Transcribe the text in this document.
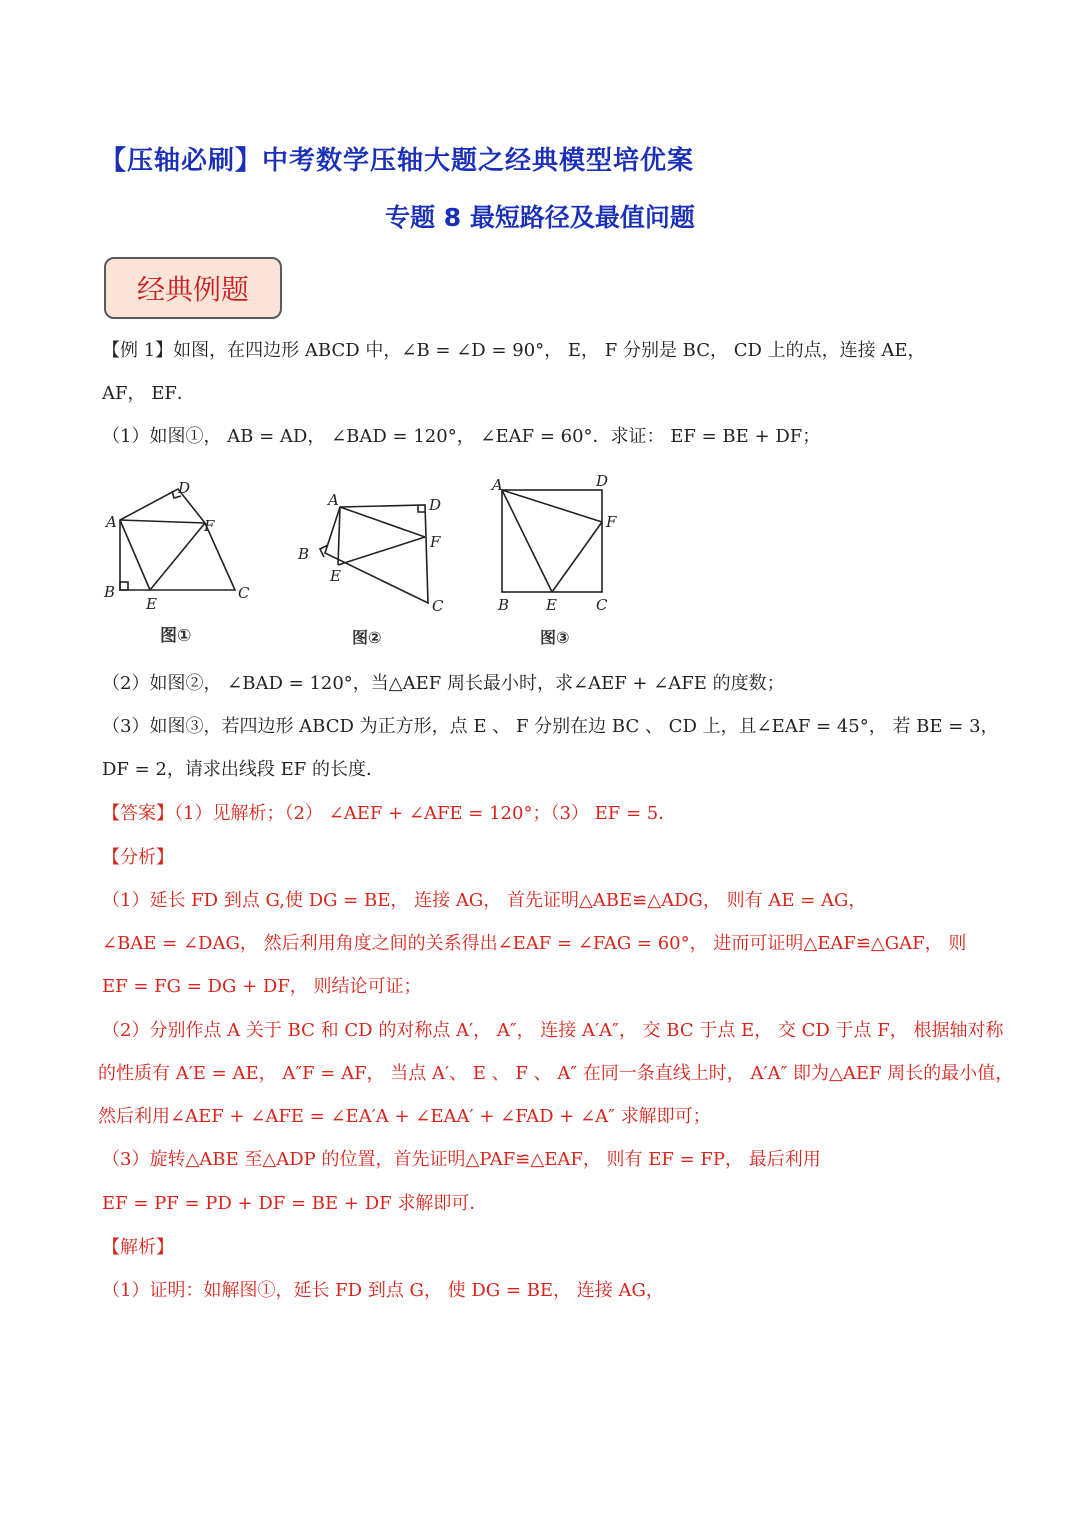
【压轴必刷】中考数学压轴大题之经典模型培优案
专题 8 最短路径及最值问题
经典例题
【例 1】如图，在四边形 ABCD 中，∠B = ∠D = 90°， E， F 分别是 BC， CD 上的点，连接 AE，
AF， EF．
（1）如图①， AB = AD， ∠BAD = 120°， ∠EAF = 60°．求证： EF = BE + DF；
A
B	C
D
E
F
图①
A
B
C
D
E
F
图②
A
B	C
D
E
F
图③
（2）如图②， ∠BAD = 120°，当△AEF 周长最小时，求∠AEF + ∠AFE 的度数；
（3）如图③，若四边形 ABCD 为正方形，点 E 、 F 分别在边 BC 、 CD 上，且∠EAF = 45°， 若 BE = 3，
DF = 2，请求出线段 EF 的长度．
【答案】（1）见解析；（2） ∠AEF + ∠AFE = 120°；（3） EF = 5．
【分析】
（1）延长 FD 到点 G,使 DG = BE， 连接 AG， 首先证明△ABE≌△ADG， 则有 AE = AG，
∠BAE = ∠DAG， 然后利用角度之间的关系得出∠EAF = ∠FAG = 60°， 进而可证明△EAF≌△GAF， 则
EF = FG = DG + DF， 则结论可证；
（2）分别作点 A 关于 BC 和 CD 的对称点 A′， A″， 连接 A′A″， 交 BC 于点 E， 交 CD 于点 F， 根据轴对称
的性质有 A′E = AE， A″F = AF， 当点 A′、 E 、 F 、 A″ 在同一条直线上时， A′A″ 即为△AEF 周长的最小值，
然后利用∠AEF + ∠AFE = ∠EA′A + ∠EAA′ + ∠FAD + ∠A″ 求解即可；
（3）旋转△ABE 至△ADP 的位置，首先证明△PAF≌△EAF， 则有 EF = FP， 最后利用
EF = PF = PD + DF = BE + DF 求解即可．
【解析】
（1）证明：如解图①，延长 FD 到点 G， 使 DG = BE， 连接 AG，
